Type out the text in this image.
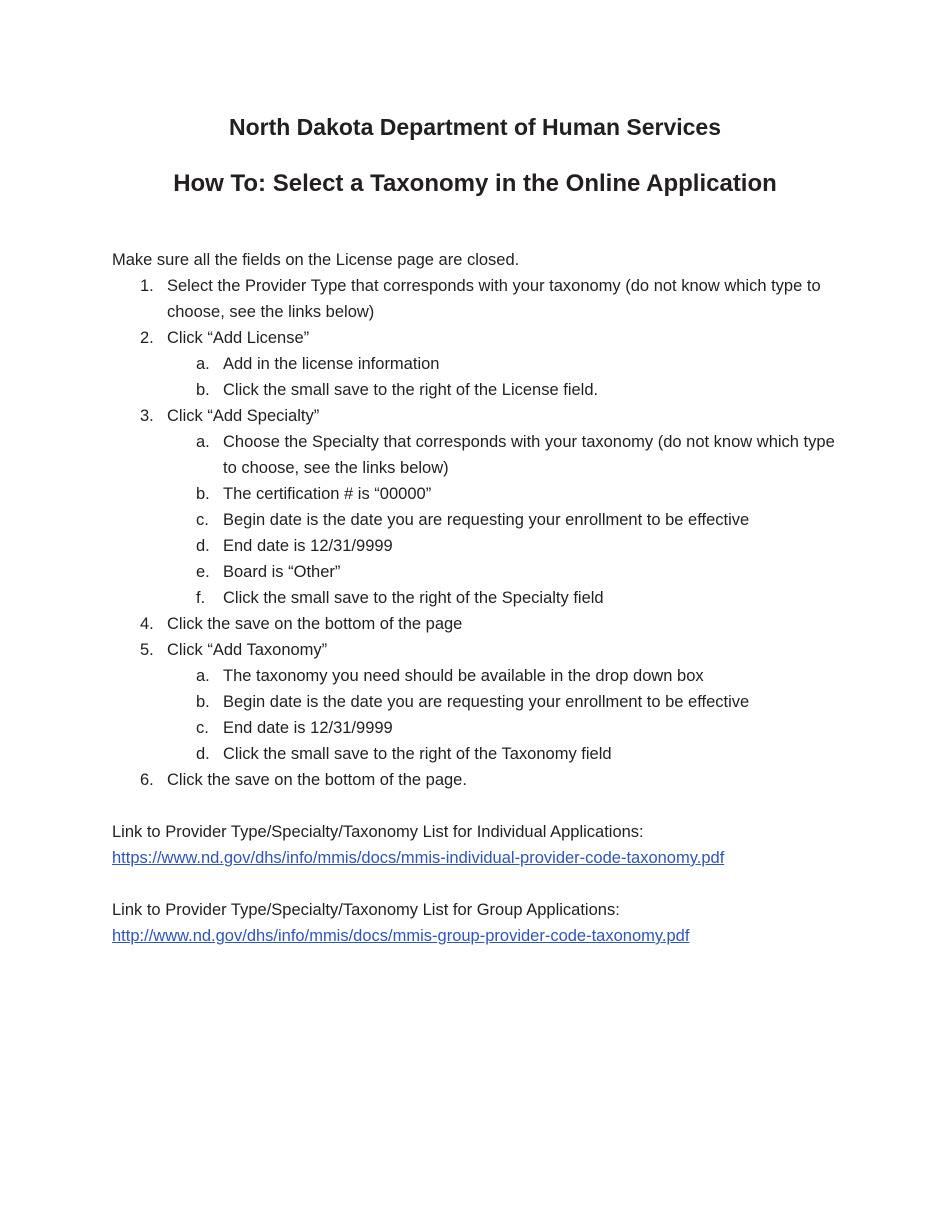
North Dakota Department of Human Services
How To: Select a Taxonomy in the Online Application

Make sure all the fields on the License page are closed.

1. Select the Provider Type that corresponds with your taxonomy (do not know which type to choose, see the links below)
2. Click “Add License”
a. Add in the license information
b. Click the small save to the right of the License field.
3. Click “Add Specialty”
a. Choose the Specialty that corresponds with your taxonomy (do not know which type to choose, see the links below)
b. The certification # is “00000”
c. Begin date is the date you are requesting your enrollment to be effective
d. End date is 12/31/9999
e. Board is “Other”
f. Click the small save to the right of the Specialty field
4. Click the save on the bottom of the page
5. Click “Add Taxonomy”
a. The taxonomy you need should be available in the drop down box
b. Begin date is the date you are requesting your enrollment to be effective
c. End date is 12/31/9999
d. Click the small save to the right of the Taxonomy field
6. Click the save on the bottom of the page.

Link to Provider Type/Specialty/Taxonomy List for Individual Applications:

https://www.nd.gov/dhs/info/mmis/docs/mmis-individual-provider-code-taxonomy.pdf

Link to Provider Type/Specialty/Taxonomy List for Group Applications:

http://www.nd.gov/dhs/info/mmis/docs/mmis-group-provider-code-taxonomy.pdf
